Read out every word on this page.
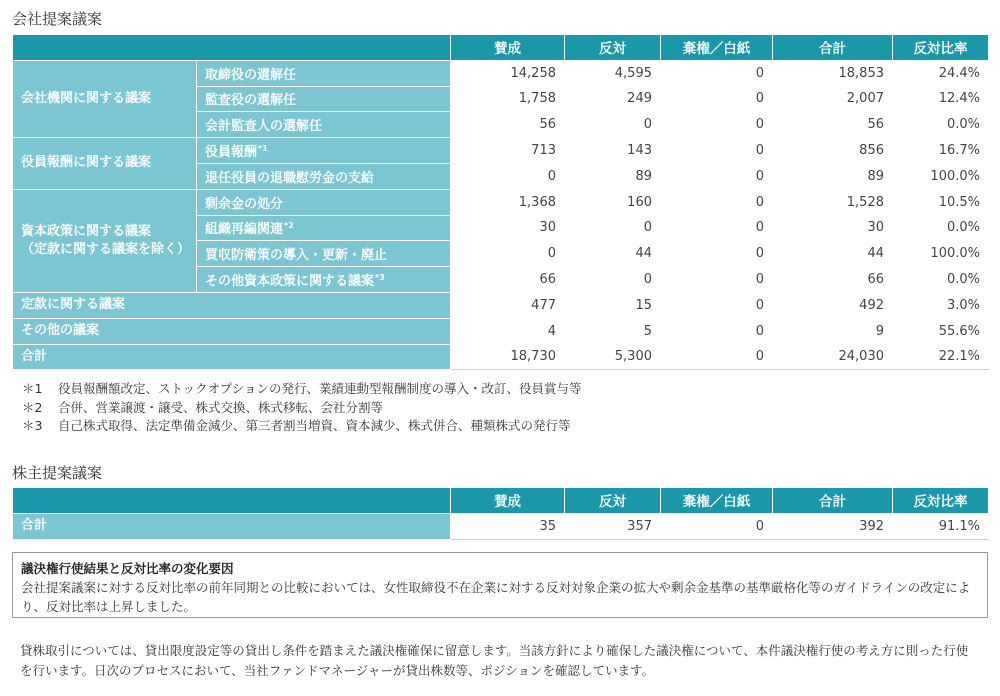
会社提案議案
		賛成	反対	棄権／白紙	合計	反対比率

会社機関に関する議案	取締役の選解任	14,258	4,595	0	18,853	24.4%
	監査役の選解任	1,758	249	0	2,007	12.4%
	会計監査人の選解任	56	0	0	56	0.0%

役員報酬に関する議案	役員報酬$^{*1}$	713	143	0	856	16.7%
	退任役員の退職慰労金の支給	0	89	0	89	100.0%

資本政策に関する議案
（定款に関する議案を除く）	剰余金の処分	1,368	160	0	1,528	10.5%
	組織再編関連$^{*2}$	30	0	0	30	0.0%
	買収防衛策の導入・更新・廃止	0	44	0	44	100.0%
	その他資本政策に関する議案$^{*3}$	66	0	0	66	0.0%
定款に関する議案		477	15	0	492	3.0%
その他の議案		4	5	0	9	55.6%
合計		18,730	5,300	0	24,030	22.1%
＊1 役員報酬額改定、ストックオプションの発行、業績連動型報酬制度の導入・改訂、役員賞与等
＊2 合併、営業譲渡・譲受、株式交換、株式移転、会社分割等
＊3 自己株式取得、法定準備金減少、第三者割当増資、資本減少、株式併合、種類株式の発行等
株主提案議案
	賛成	反対	棄権／白紙	合計	反対比率
合計	35	357	0	392	91.1%
議決権行使結果と反対比率の変化要因
会社提案議案に対する反対比率の前年同期との比較においては、女性取締役不在企業に対する反対対象企業の拡大や剰余金基準の基準厳格化等のガイドラインの改定により、反対比率は上昇しました。
貸株取引については、貸出限度設定等の貸出し条件を踏まえた議決権確保に留意します。当該方針により確保した議決権について、本件議決権行使の考え方に則った行使を行います。日次のプロセスにおいて、当社ファンドマネージャーが貸出株数等、ポジションを確認しています。
